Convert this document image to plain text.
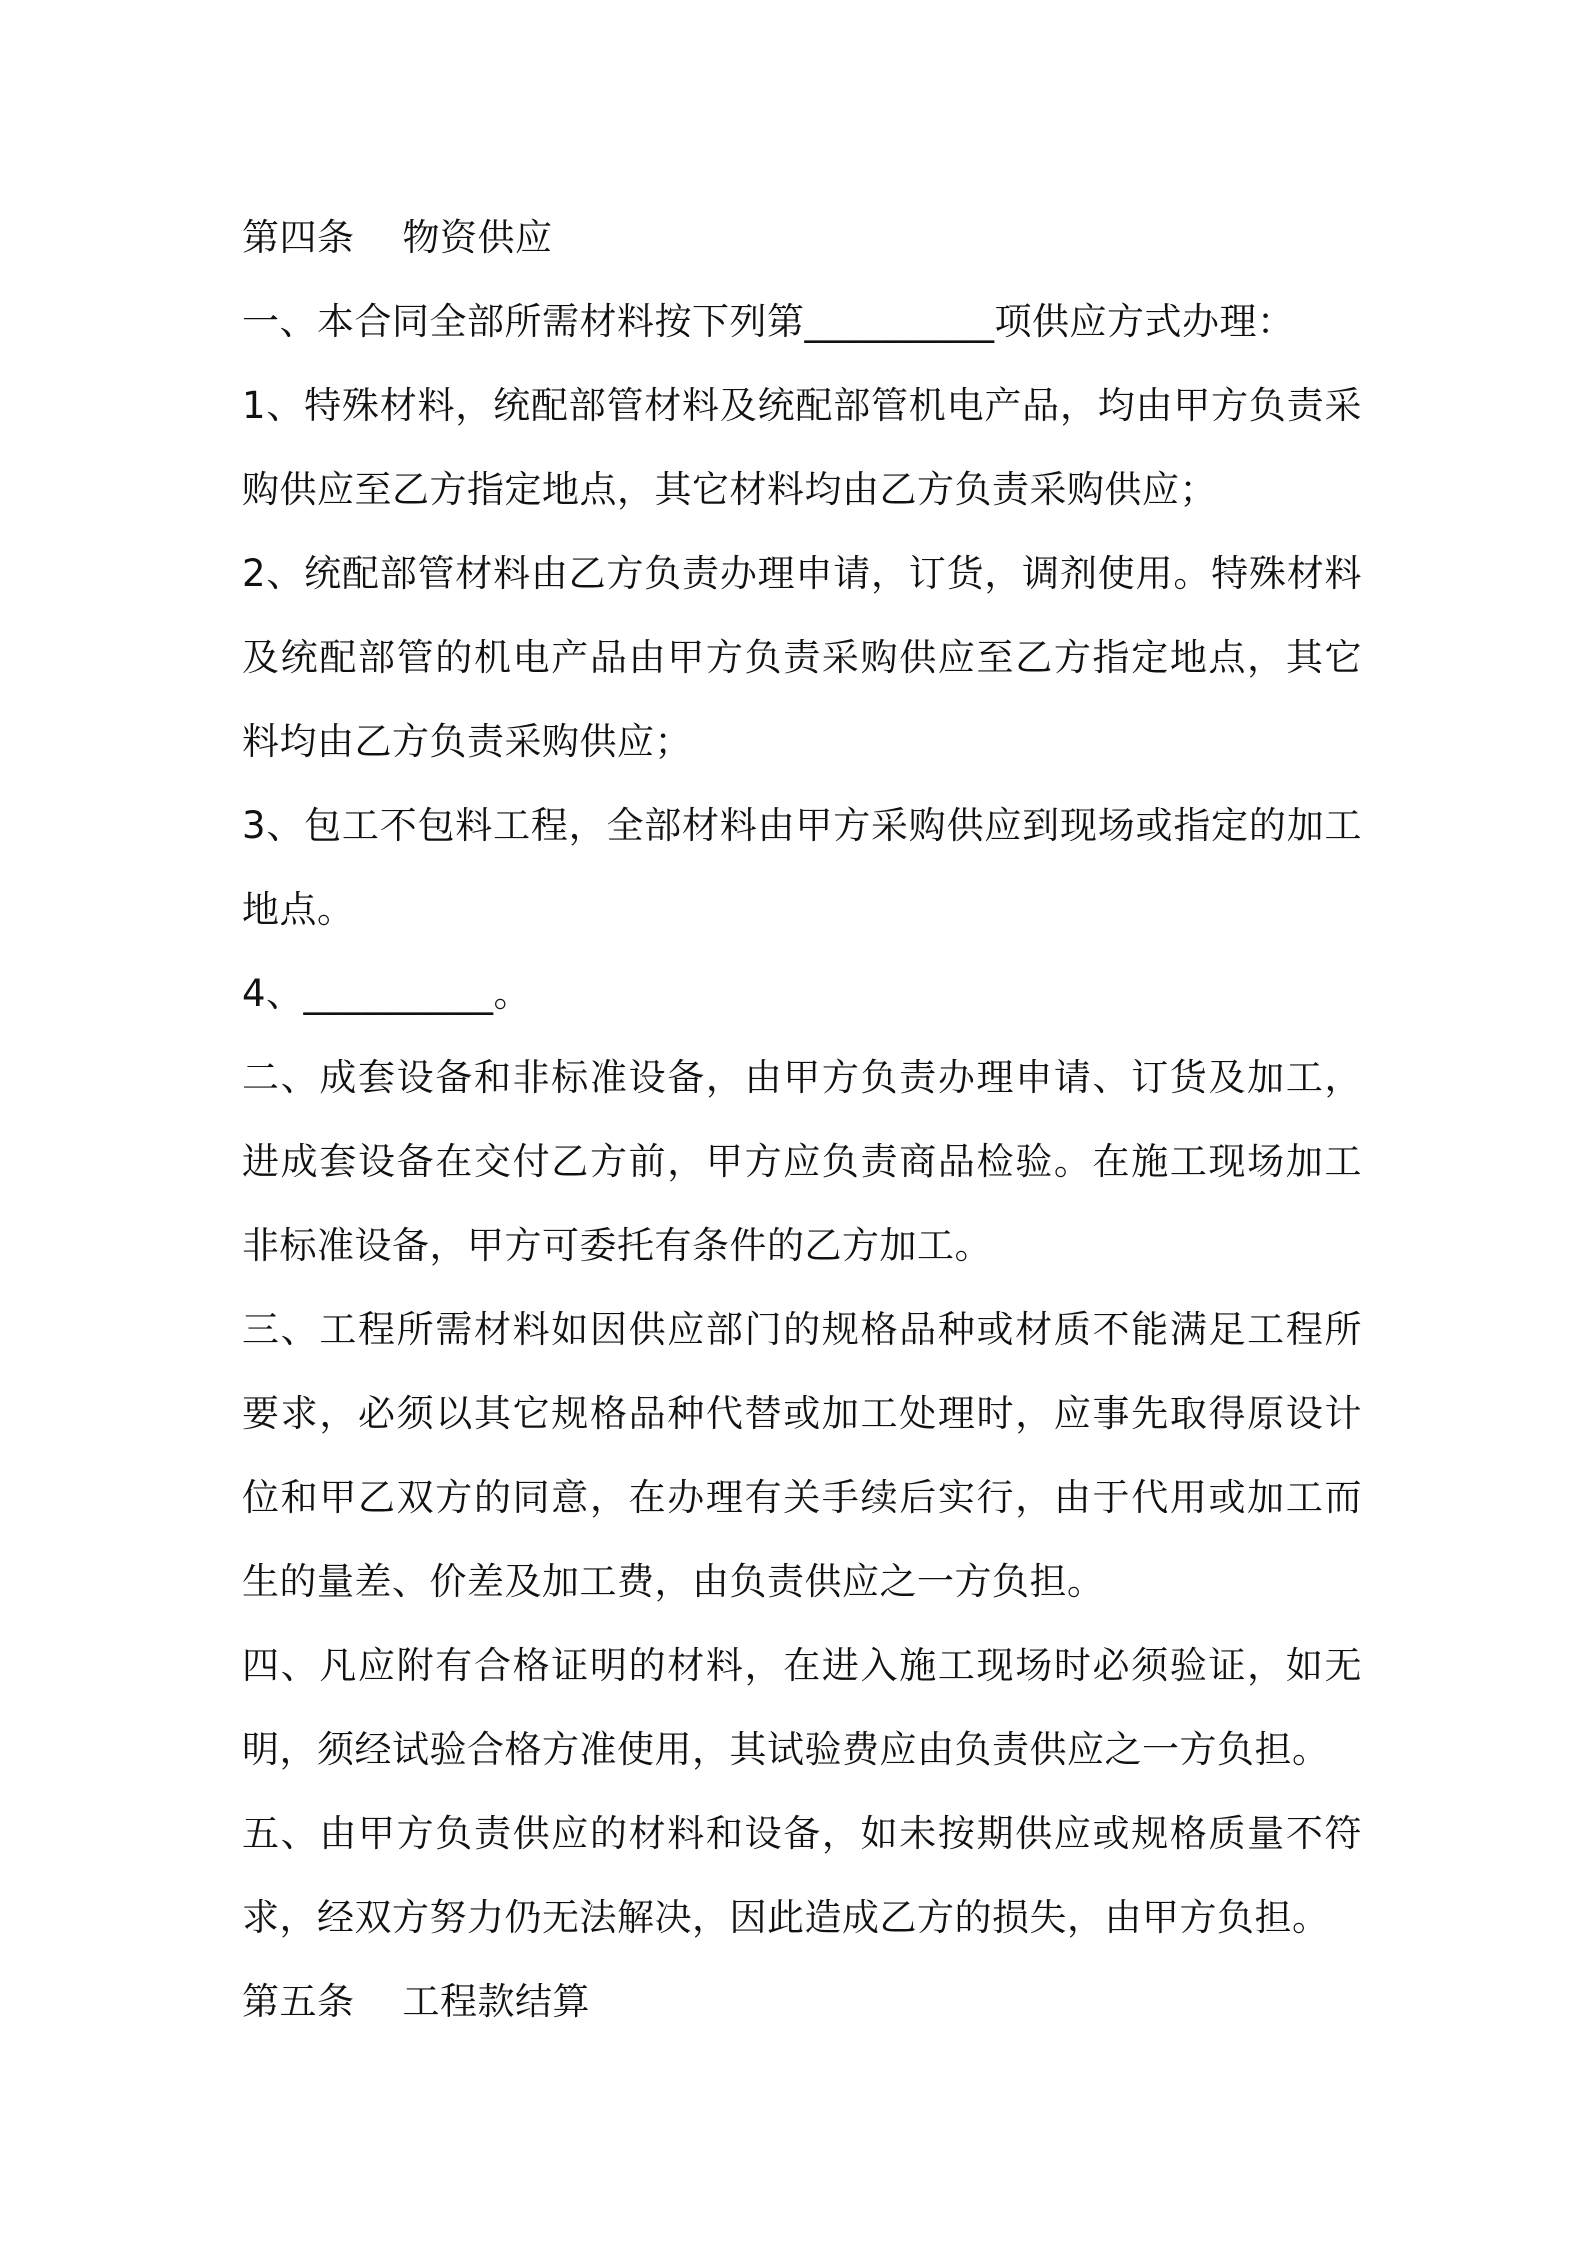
第四条 物资供应
一、本合同全部所需材料按下列第__________项供应方式办理：
1、特殊材料，统配部管材料及统配部管机电产品，均由甲方负责采
购供应至乙方指定地点，其它材料均由乙方负责采购供应；
2、统配部管材料由乙方负责办理申请，订货，调剂使用。特殊材料
及统配部管的机电产品由甲方负责采购供应至乙方指定地点，其它
料均由乙方负责采购供应；
3、包工不包料工程，全部材料由甲方采购供应到现场或指定的加工
地点。
4、__________。
二、成套设备和非标准设备，由甲方负责办理申请、订货及加工，
进成套设备在交付乙方前，甲方应负责商品检验。在施工现场加工
非标准设备，甲方可委托有条件的乙方加工。
三、工程所需材料如因供应部门的规格品种或材质不能满足工程所
要求，必须以其它规格品种代替或加工处理时，应事先取得原设计
位和甲乙双方的同意，在办理有关手续后实行，由于代用或加工而
生的量差、价差及加工费，由负责供应之一方负担。
四、凡应附有合格证明的材料，在进入施工现场时必须验证，如无
明，须经试验合格方准使用，其试验费应由负责供应之一方负担。
五、由甲方负责供应的材料和设备，如未按期供应或规格质量不符
求，经双方努力仍无法解决，因此造成乙方的损失，由甲方负担。
第五条 工程款结算
